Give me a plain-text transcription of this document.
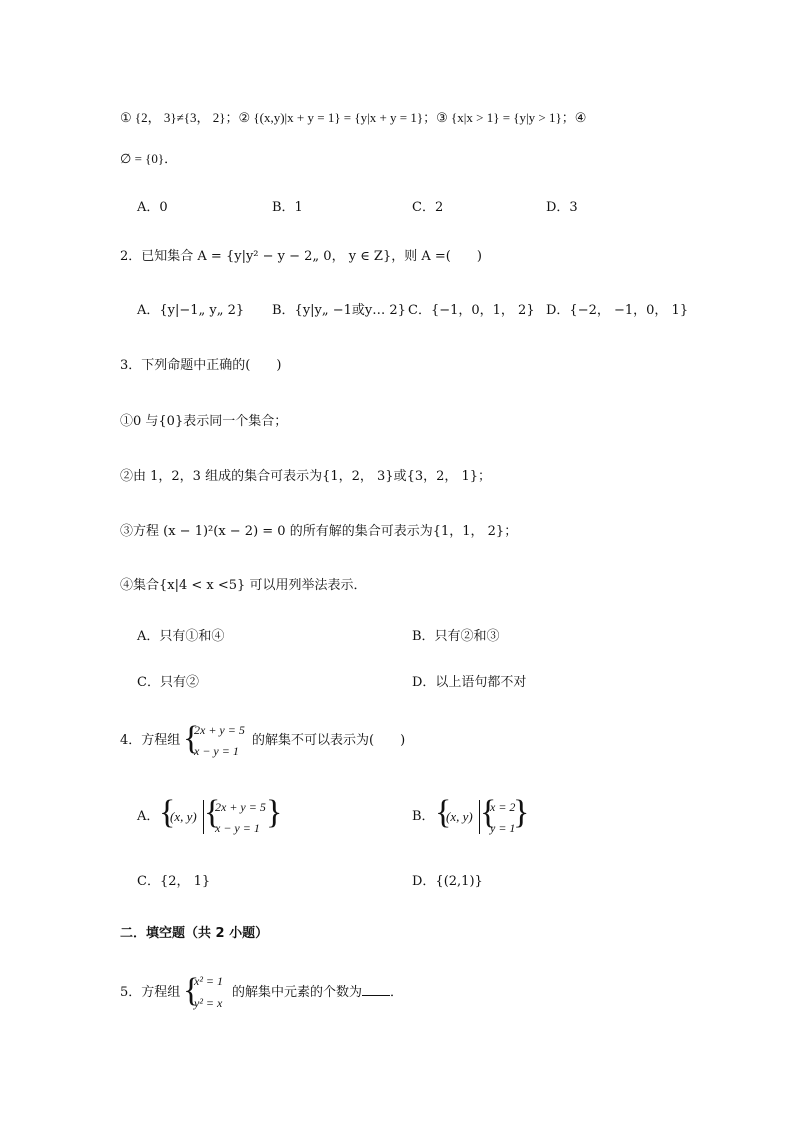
① {2， 3}≠{3， 2}；② {(x,y)|x + y = 1} = {y|x + y = 1}；③ {x|x > 1} = {y|y > 1}；④
∅ = {0}．
A．0	B．1	C．2	D．3
2．已知集合 A = {y|y² − y − 2„ 0， y ∈ Z}，则 A =(　　)
A．{y|−1„ y„ 2} B．{y|y„ −1或y… 2} C．{−1，0，1， 2} D．{−2， −1，0， 1}
3．下列命题中正确的(　　)
①0 与{0}表示同一个集合；
②由 1，2，3 组成的集合可表示为{1，2， 3}或{3，2， 1}；
③方程 (x − 1)²(x − 2) = 0 的所有解的集合可表示为{1，1， 2}；
④集合{x|4 < x <5} 可以用列举法表示．
A．只有①和④	B．只有②和③
C．只有②	D．以上语句都不对
4．方程组 {
2x + y = 5
x − y = 1
的解集不可以表示为(　　)
A． {
(x, y) {
2x + y = 5
x − y = 1 }	B． {
(x, y) {
x = 2
y = 1
}
C．{2， 1}	D．{(2,1)}
二．填空题（共 2 小题）
5．方程组 {
x² = 1
y² = x
的解集中元素的个数为 ．
